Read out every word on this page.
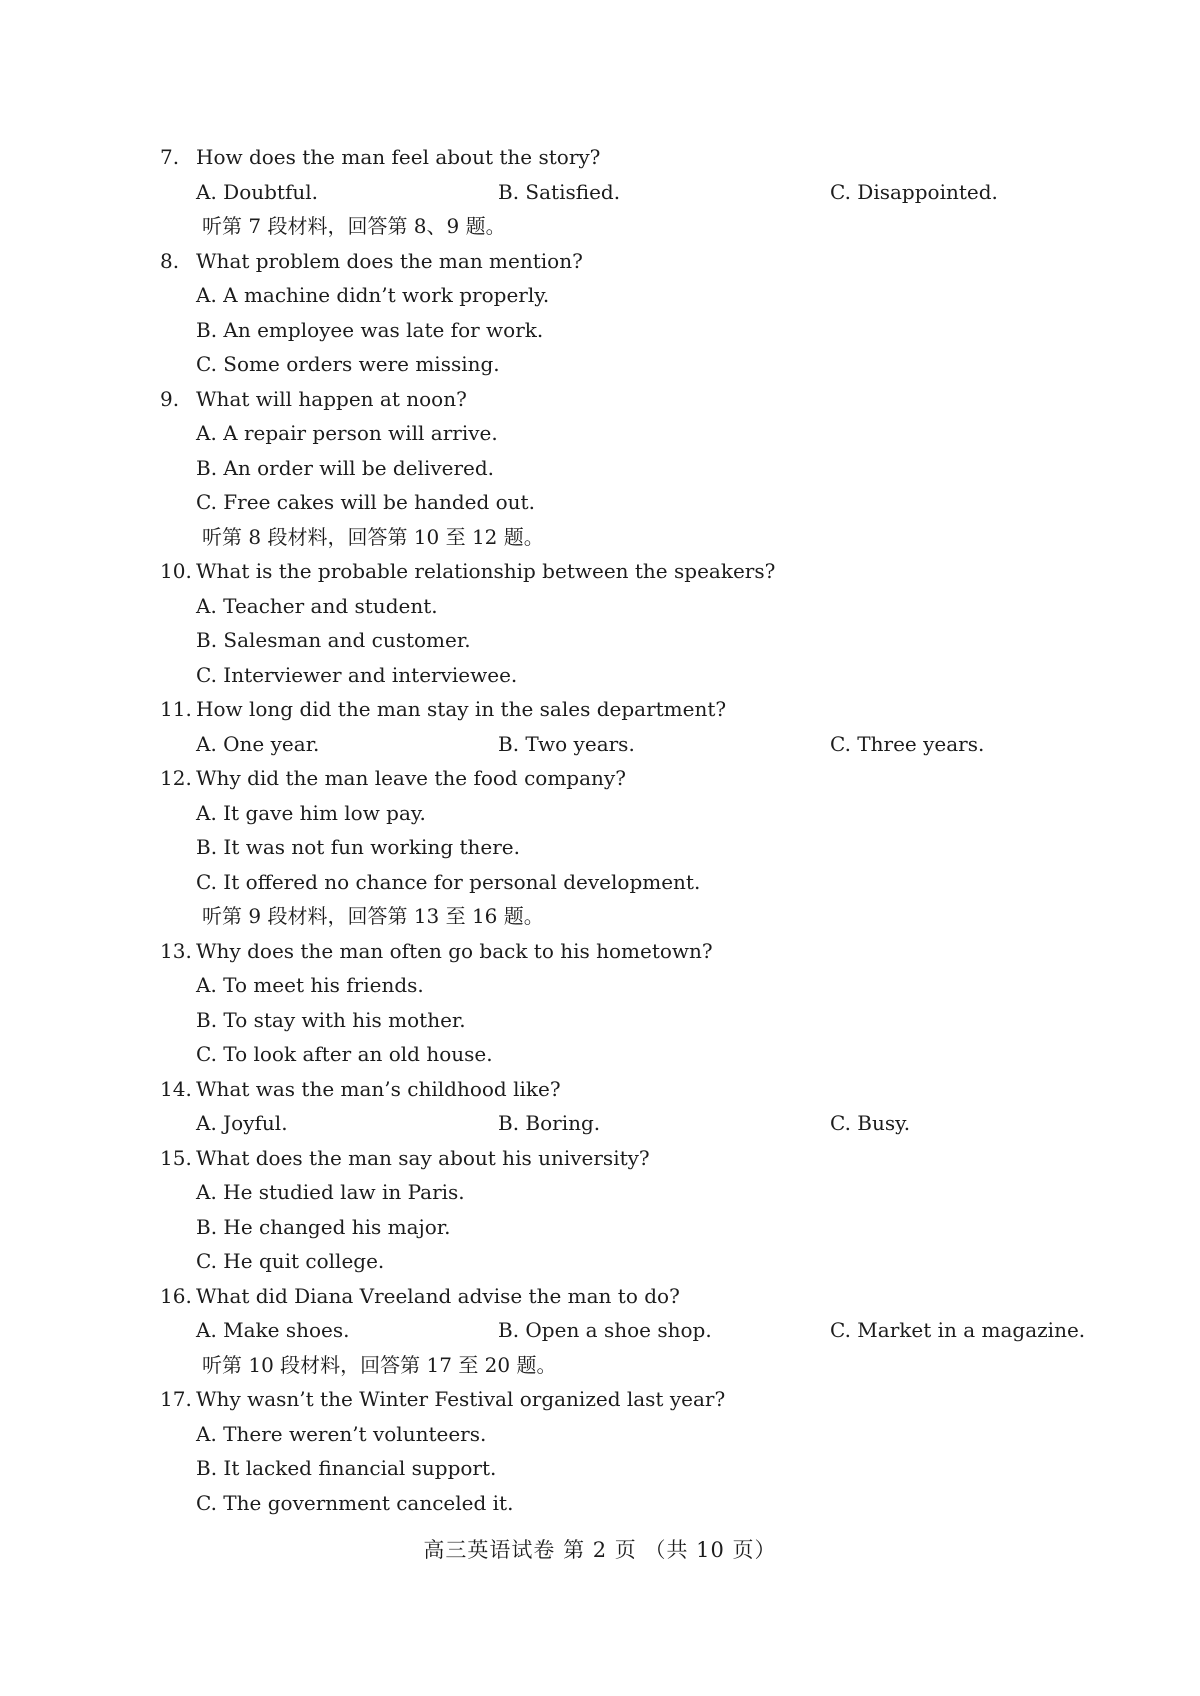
7. How does the man feel about the story?
A. Doubtful.	B. Satisfied.	C. Disappointed.
听第 7 段材料，回答第 8、9 题。
8. What problem does the man mention?
A. A machine didn’t work properly.
B. An employee was late for work.
C. Some orders were missing.
9. What will happen at noon?
A. A repair person will arrive.
B. An order will be delivered.
C. Free cakes will be handed out.
听第 8 段材料，回答第 10 至 12 题。
10. What is the probable relationship between the speakers?
A. Teacher and student.
B. Salesman and customer.
C. Interviewer and interviewee.
11. How long did the man stay in the sales department?
A. One year.	B. Two years.	C. Three years.
12. Why did the man leave the food company?
A. It gave him low pay.
B. It was not fun working there.
C. It offered no chance for personal development.
听第 9 段材料，回答第 13 至 16 题。
13. Why does the man often go back to his hometown?
A. To meet his friends.
B. To stay with his mother.
C. To look after an old house.
14. What was the man’s childhood like?
A. Joyful.	B. Boring.	C. Busy.
15. What does the man say about his university?
A. He studied law in Paris.
B. He changed his major.
C. He quit college.
16. What did Diana Vreeland advise the man to do?
A. Make shoes.	B. Open a shoe shop.	C. Market in a magazine.
听第 10 段材料，回答第 17 至 20 题。
17. Why wasn’t the Winter Festival organized last year?
A. There weren’t volunteers.
B. It lacked financial support.
C. The government canceled it.
高三英语试卷 第 2 页 （共 10 页）
